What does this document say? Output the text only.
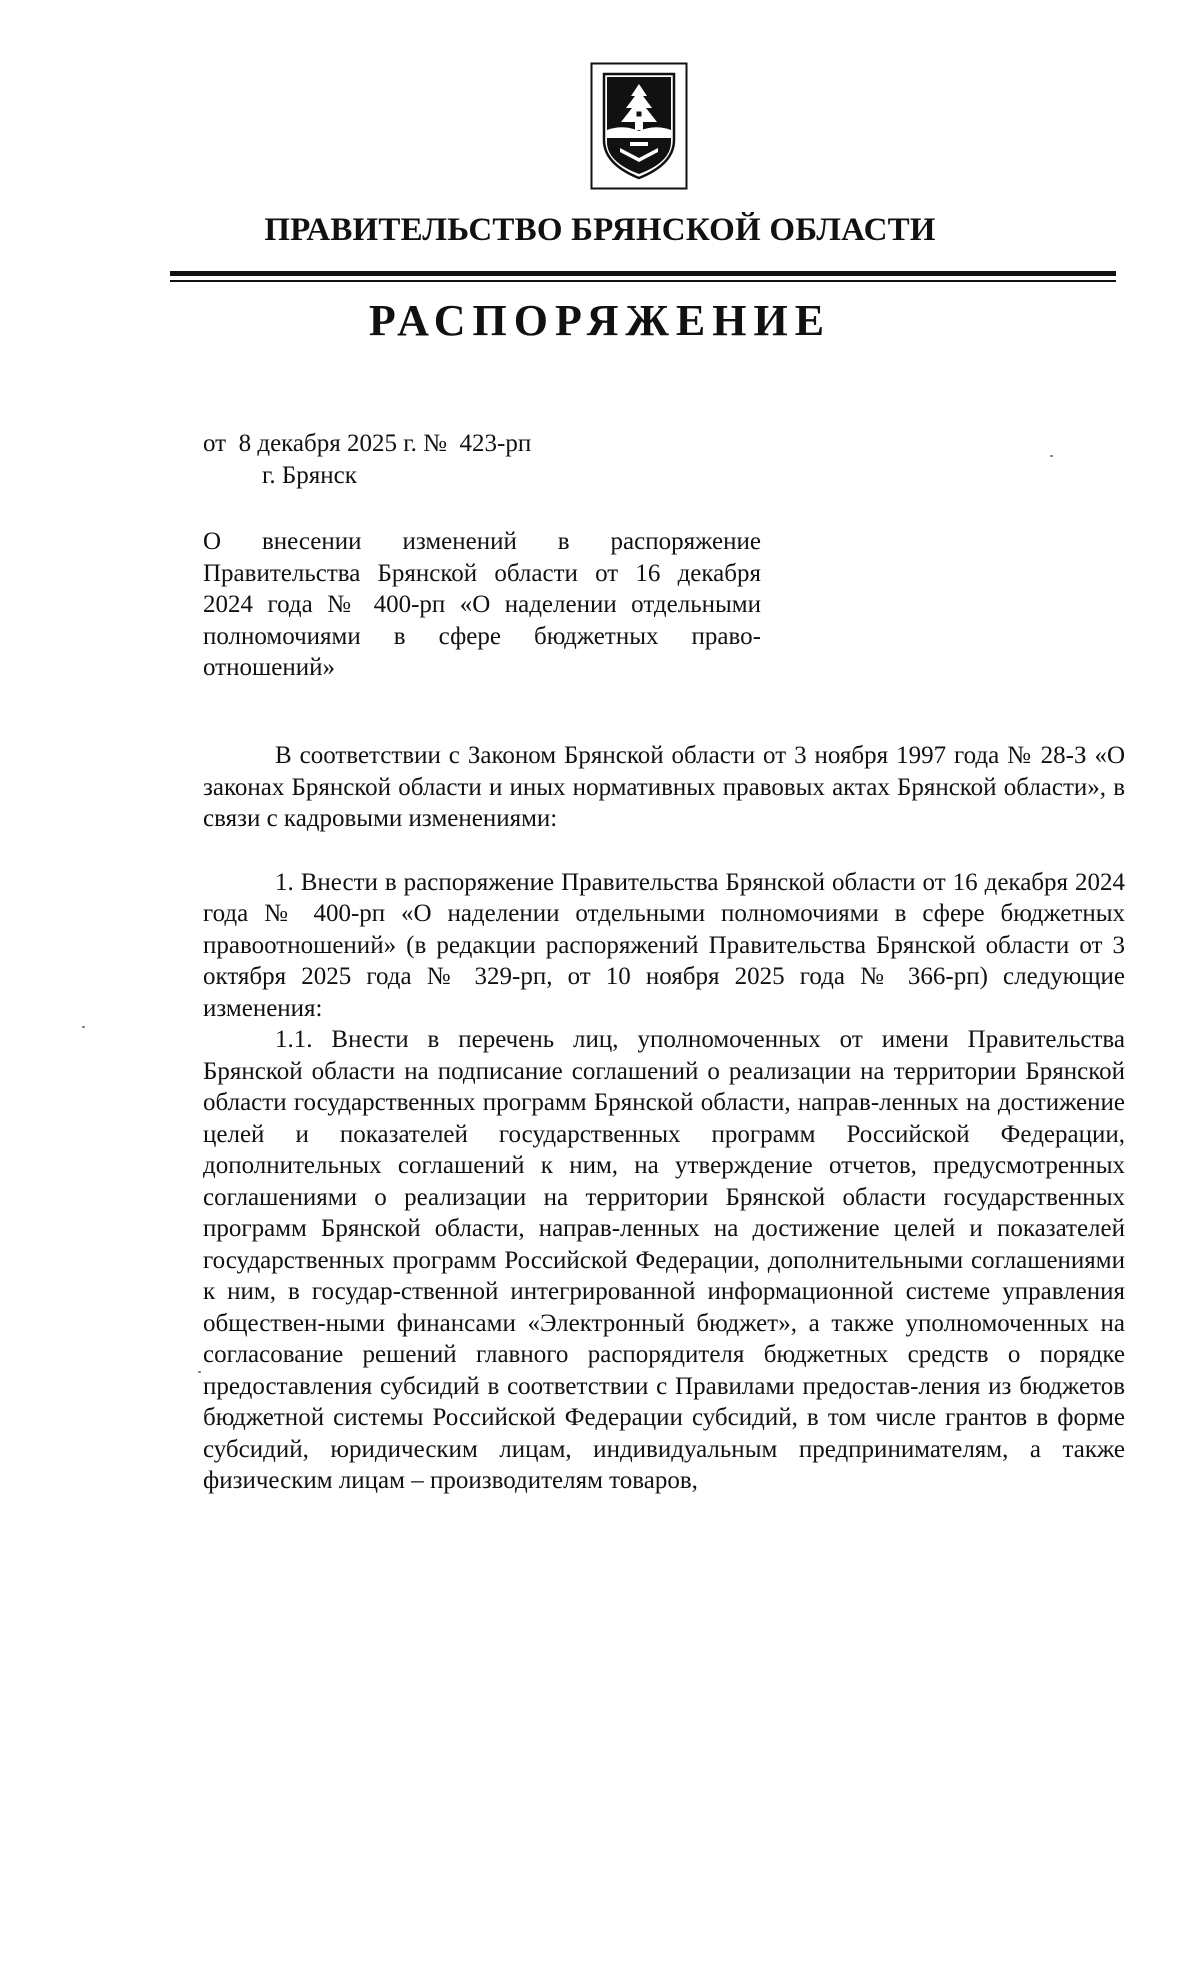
ПРАВИТЕЛЬСТВО БРЯНСКОЙ ОБЛАСТИ
РАСПОРЯЖЕНИЕ
от  8 декабря 2025 г. №  423-рп
г. Брянск
О внесении изменений в распоряжение Правительства Брянской области от 16 декабря 2024 года № 400-рп «О наделении отдельными полномочиями в сфере бюджетных право-отношений»

В соответствии с Законом Брянской области от 3 ноября 1997 года № 28-З «О законах Брянской области и иных нормативных правовых актах Брянской области», в связи с кадровыми изменениями:

1. Внести в распоряжение Правительства Брянской области от 16 декабря 2024 года № 400-рп «О наделении отдельными полномочиями в сфере бюджетных правоотношений» (в редакции распоряжений Правительства Брянской области от 3 октября 2025 года № 329-рп, от 10 ноября 2025 года № 366-рп) следующие изменения:

1.1. Внести в перечень лиц, уполномоченных от имени Правительства Брянской области на подписание соглашений о реализации на территории Брянской области государственных программ Брянской области, направ-ленных на достижение целей и показателей государственных программ Российской Федерации, дополнительных соглашений к ним, на утверждение отчетов, предусмотренных соглашениями о реализации на территории Брянской области государственных программ Брянской области, направ-ленных на достижение целей и показателей государственных программ Российской Федерации, дополнительными соглашениями к ним, в государ-ственной интегрированной информационной системе управления обществен-ными финансами «Электронный бюджет», а также уполномоченных на согласование решений главного распорядителя бюджетных средств о порядке предоставления субсидий в соответствии с Правилами предостав-ления из бюджетов бюджетной системы Российской Федерации субсидий, в том числе грантов в форме субсидий, юридическим лицам, индивидуальным предпринимателям, а также физическим лицам – производителям товаров,
